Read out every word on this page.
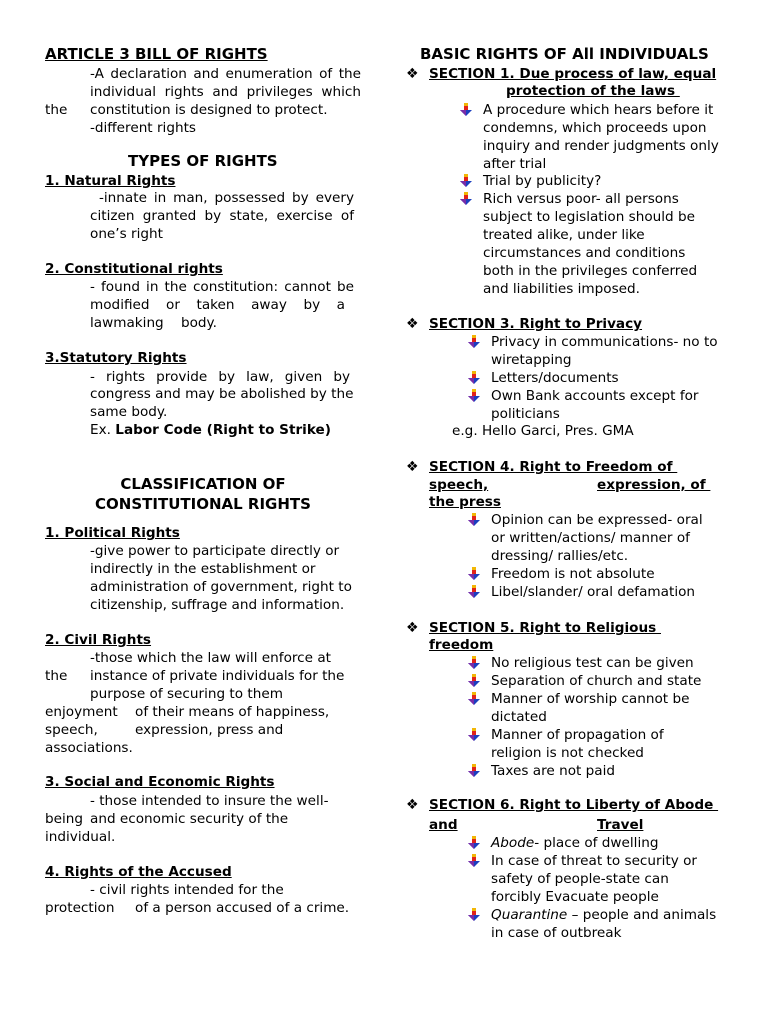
ARTICLE 3 BILL OF RIGHTS
-A declaration and enumeration of the
individual rights and privileges which
the constitution is designed to protect.
-different rights
TYPES OF RIGHTS
1. Natural Rights
-innate in man, possessed by every
citizen granted by state, exercise of
one’s right
2. Constitutional rights
- found in the constitution: cannot be
modified or taken away by a
lawmaking    body.
3.Statutory Rights
- rights provide by law, given by
congress and may be abolished by the
same body.
Ex. Labor Code (Right to Strike)
CLASSIFICATION OF
CONSTITUTIONAL RIGHTS
1. Political Rights
-give power to participate directly or
indirectly in the establishment or
administration of government, right to
citizenship, suffrage and information.
2. Civil Rights
-those which the law will enforce at
the instance of private individuals for the
purpose of securing to them
enjoyment of their means of happiness,
speech,	expression, press and
associations.
3. Social and Economic Rights
- those intended to insure the well-
being and economic security of the
individual.
4. Rights of the Accused
- civil rights intended for the
protection of a person accused of a crime.
BASIC RIGHTS OF All INDIVIDUALS
❖ SECTION 1. Due process of law, equal
protection of the laws
A procedure which hears before it
condemns, which proceeds upon
inquiry and render judgments only
after trial
Trial by publicity?
Rich versus poor- all persons
subject to legislation should be
treated alike, under like
circumstances and conditions
both in the privileges conferred
and liabilities imposed.
❖ SECTION 3. Right to Privacy
Privacy in communications- no to
wiretapping
Letters/documents
Own Bank accounts except for
politicians
e.g. Hello Garci, Pres. GMA
❖ SECTION 4. Right to Freedom of
speech,	expression, of
the press
Opinion can be expressed- oral
or written/actions/ manner of
dressing/ rallies/etc.
Freedom is not absolute
Libel/slander/ oral defamation
❖ SECTION 5. Right to Religious
freedom
No religious test can be given
Separation of church and state
Manner of worship cannot be
dictated
Manner of propagation of
religion is not checked
Taxes are not paid
❖ SECTION 6. Right to Liberty of Abode
and	Travel
Abode- place of dwelling
In case of threat to security or
safety of people-state can
forcibly Evacuate people
Quarantine – people and animals
in case of outbreak
